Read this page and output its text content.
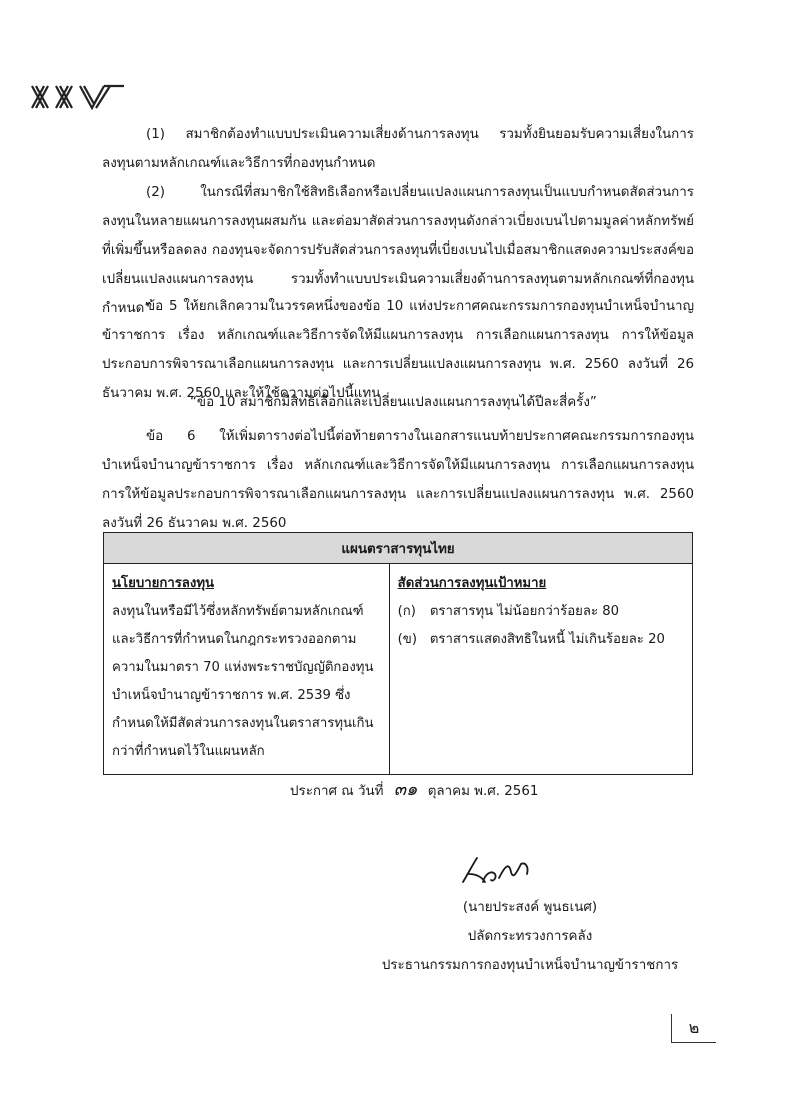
(1) สมาชิกต้องทำแบบประเมินความเสี่ยงด้านการลงทุน รวมทั้งยินยอมรับความเสี่ยงในการลงทุนตามหลักเกณฑ์และวิธีการที่กองทุนกำหนด

(2) ในกรณีที่สมาชิกใช้สิทธิเลือกหรือเปลี่ยนแปลงแผนการลงทุนเป็นแบบกำหนดสัดส่วนการลงทุนในหลายแผนการลงทุนผสมกัน และต่อมาสัดส่วนการลงทุนดังกล่าวเบี่ยงเบนไปตามมูลค่าหลักทรัพย์ที่เพิ่มขึ้นหรือลดลง กองทุนจะจัดการปรับสัดส่วนการลงทุนที่เบี่ยงเบนไปเมื่อสมาชิกแสดงความประสงค์ขอเปลี่ยนแปลงแผนการลงทุน รวมทั้งทำแบบประเมินความเสี่ยงด้านการลงทุนตามหลักเกณฑ์ที่กองทุนกำหนด”

ข้อ 5 ให้ยกเลิกความในวรรคหนึ่งของข้อ 10 แห่งประกาศคณะกรรมการกองทุนบำเหน็จบำนาญข้าราชการ เรื่อง หลักเกณฑ์และวิธีการจัดให้มีแผนการลงทุน การเลือกแผนการลงทุน การให้ข้อมูลประกอบการพิจารณาเลือกแผนการลงทุน และการเปลี่ยนแปลงแผนการลงทุน พ.ศ. 2560 ลงวันที่ 26 ธันวาคม พ.ศ. 2560 และให้ใช้ความต่อไปนี้แทน

“ข้อ 10 สมาชิกมีสิทธิเลือกและเปลี่ยนแปลงแผนการลงทุนได้ปีละสี่ครั้ง”

ข้อ 6 ให้เพิ่มตารางต่อไปนี้ต่อท้ายตารางในเอกสารแนบท้ายประกาศคณะกรรมการกองทุนบำเหน็จบำนาญข้าราชการ เรื่อง หลักเกณฑ์และวิธีการจัดให้มีแผนการลงทุน การเลือกแผนการลงทุน การให้ข้อมูลประกอบการพิจารณาเลือกแผนการลงทุน และการเปลี่ยนแปลงแผนการลงทุน พ.ศ. 2560 ลงวันที่ 26 ธันวาคม พ.ศ. 2560

แผนตราสารทุนไทย

นโยบายการลงทุน
ลงทุนในหรือมีไว้ซึ่งหลักทรัพย์ตามหลักเกณฑ์และวิธีการที่กำหนดในกฎกระทรวงออกตามความในมาตรา 70 แห่งพระราชบัญญัติกองทุนบำเหน็จบำนาญข้าราชการ พ.ศ. 2539 ซึ่งกำหนดให้มีสัดส่วนการลงทุนในตราสารทุนเกินกว่าที่กำหนดไว้ในแผนหลัก

สัดส่วนการลงทุนเป้าหมาย
(ก) ตราสารทุน ไม่น้อยกว่าร้อยละ 80
(ข) ตราสารแสดงสิทธิในหนี้ ไม่เกินร้อยละ 20
ประกาศ ณ วันที่ ๓๑ ตุลาคม พ.ศ. 2561
(นายประสงค์ พูนธเนศ)
ปลัดกระทรวงการคลัง
ประธานกรรมการกองทุนบำเหน็จบำนาญข้าราชการ
๒
